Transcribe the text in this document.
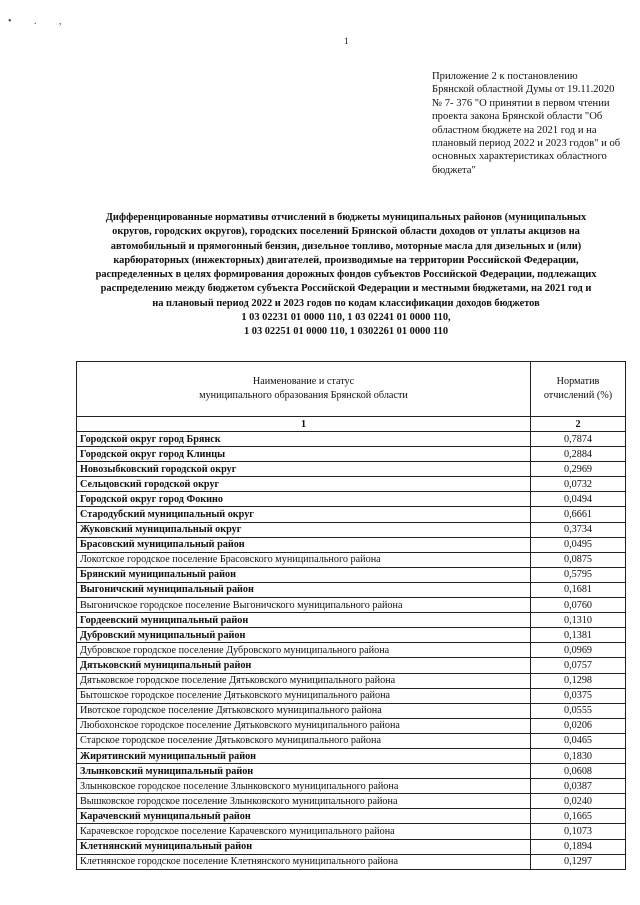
• . ,
1
Приложение 2 к постановлению Брянской областной Думы от 19.11.2020 № 7- 376 "О принятии в первом чтении проекта закона Брянской области "Об областном бюджете на 2021 год и на плановый период 2022 и 2023 годов" и об основных характеристиках областного бюджета"
Дифференцированные нормативы отчислений в бюджеты муниципальных районов (муниципальных
округов, городских округов), городских поселений Брянской области доходов от уплаты акцизов на
автомобильный и прямогонный бензин, дизельное топливо, моторные масла для дизельных и (или)
карбюраторных (инжекторных) двигателей, производимые на территории Российской Федерации,
распределенных в целях формирования дорожных фондов субъектов Российской Федерации, подлежащих
распределению между бюджетом субъекта Российской Федерации и местными бюджетами, на 2021 год и
на плановый период 2022 и 2023 годов по кодам классификации доходов бюджетов
1 03 02231 01 0000 110, 1 03 02241 01 0000 110,
1 03 02251 01 0000 110, 1 0302261 01 0000 110
Наименование и статус
муниципального образования Брянской области	Норматив
отчислений (%)
1	2
Городской округ город Брянск	0,7874
Городской округ город Клинцы	0,2884
Новозыбковский городской округ	0,2969
Сельцовский городской округ	0,0732
Городской округ город Фокино	0,0494
Стародубский муниципальный округ	0,6661
Жуковский муниципальный округ	0,3734
Брасовский муниципальный район	0,0495
Локотское городское поселение Брасовского муниципального района	0,0875
Брянский муниципальный район	0,5795
Выгоничский муниципальный район	0,1681
Выгоничское городское поселение Выгоничского муниципального района	0,0760
Гордеевский муниципальный район	0,1310
Дубровский муниципальный район	0,1381
Дубровское городское поселение Дубровского муниципального района	0,0969
Дятьковский муниципальный район	0,0757
Дятьковское городское поселение Дятьковского муниципального района	0,1298
Бытошское городское поселение Дятьковского муниципального района	0,0375
Ивотское городское поселение Дятьковского муниципального района	0,0555
Любохонское городское поселение Дятьковского муниципального района	0,0206
Старское городское поселение Дятьковского муниципального района	0,0465
Жирятинский муниципальный район	0,1830
Злынковский муниципальный район	0,0608
Злынковское городское поселение Злынковского муниципального района	0,0387
Вышковское городское поселение Злынковского муниципального района	0,0240
Карачевский муниципальный район	0,1665
Карачевское городское поселение Карачевского муниципального района	0,1073
Клетнянский муниципальный район	0,1894
Клетнянское городское поселение Клетнянского муниципального района	0,1297
